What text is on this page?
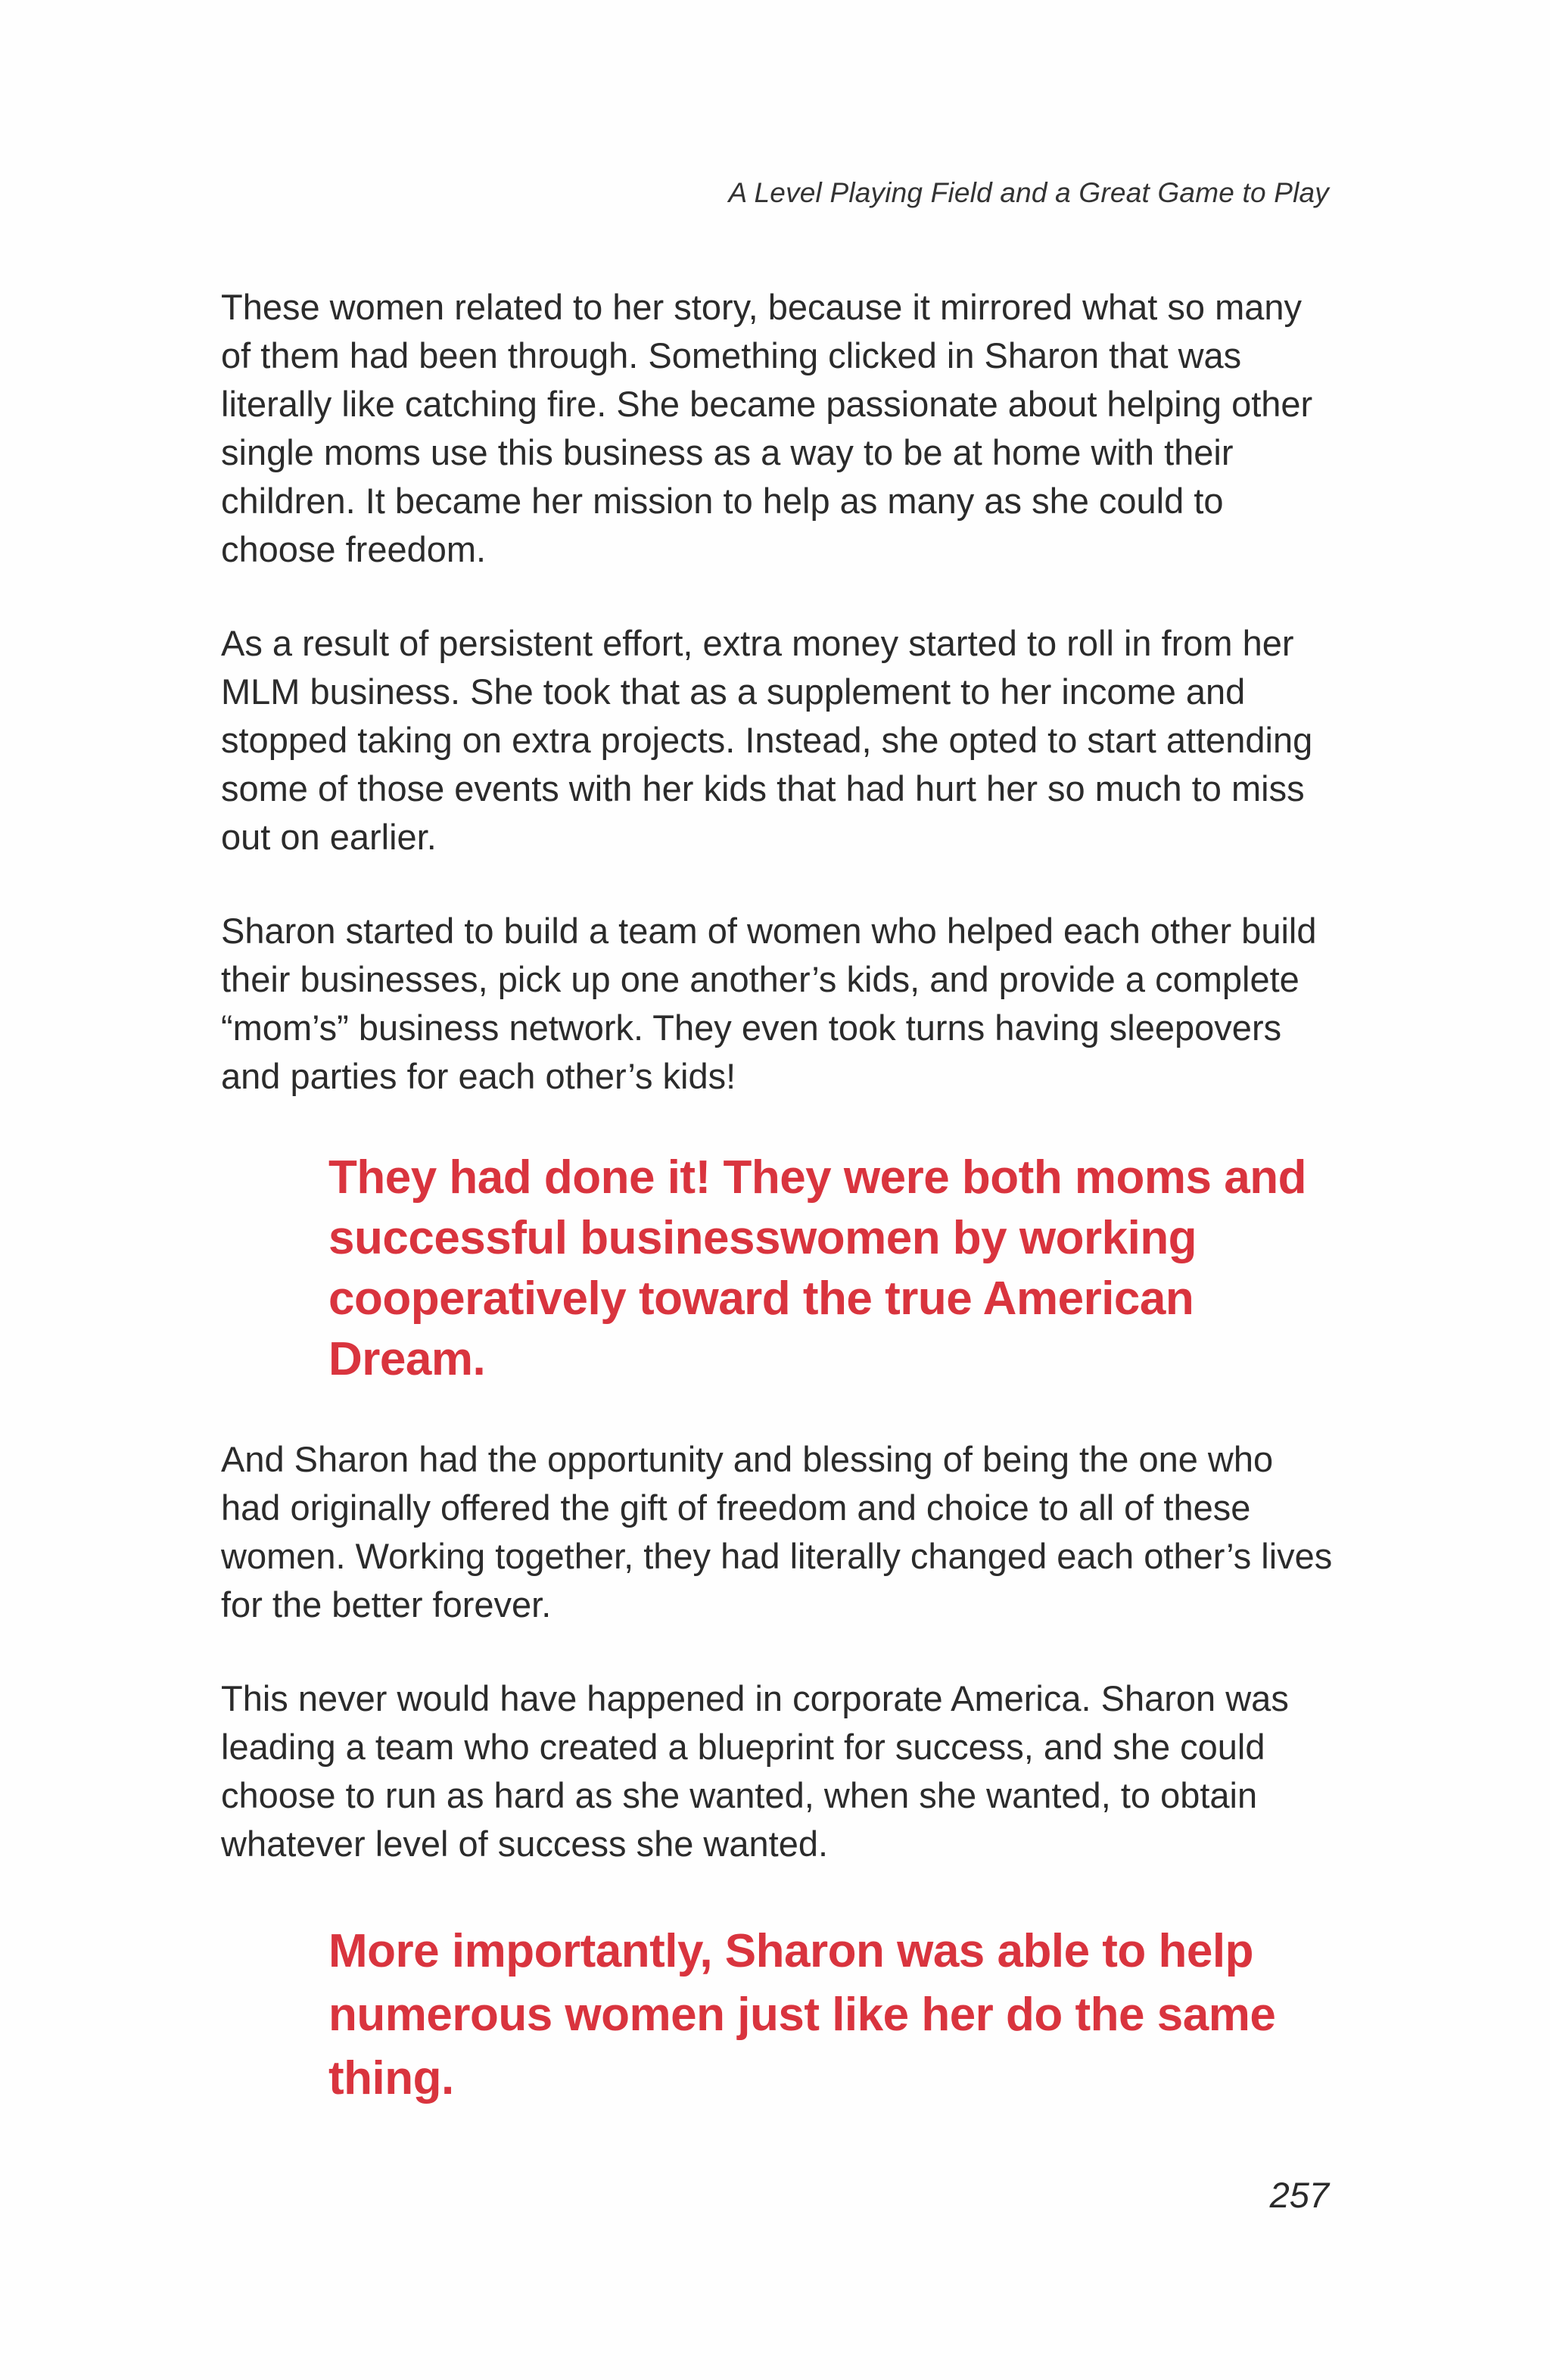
A Level Playing Field and a Great Game to Play

These women related to her story, because it mirrored what so many of them had been through. Something clicked in Sharon that was literally like catching fire. She became passionate about helping other single moms use this business as a way to be at home with their children. It became her mission to help as many as she could to choose freedom.

As a result of persistent effort, extra money started to roll in from her MLM business. She took that as a supplement to her income and stopped taking on extra projects. Instead, she opted to start attending some of those events with her kids that had hurt her so much to miss out on earlier.

Sharon started to build a team of women who helped each other build their businesses, pick up one another’s kids, and provide a complete “mom’s” business network. They even took turns having sleepovers and parties for each other’s kids!

They had done it! They were both moms and successful businesswomen by working cooperatively toward the true American Dream.

And Sharon had the opportunity and blessing of being the one who had originally offered the gift of freedom and choice to all of these women. Working together, they had literally changed each other’s lives for the better forever.

This never would have happened in corporate America. Sharon was leading a team who created a blueprint for success, and she could choose to run as hard as she wanted, when she wanted, to obtain whatever level of success she wanted.

More importantly, Sharon was able to help numerous women just like her do the same thing.

257
